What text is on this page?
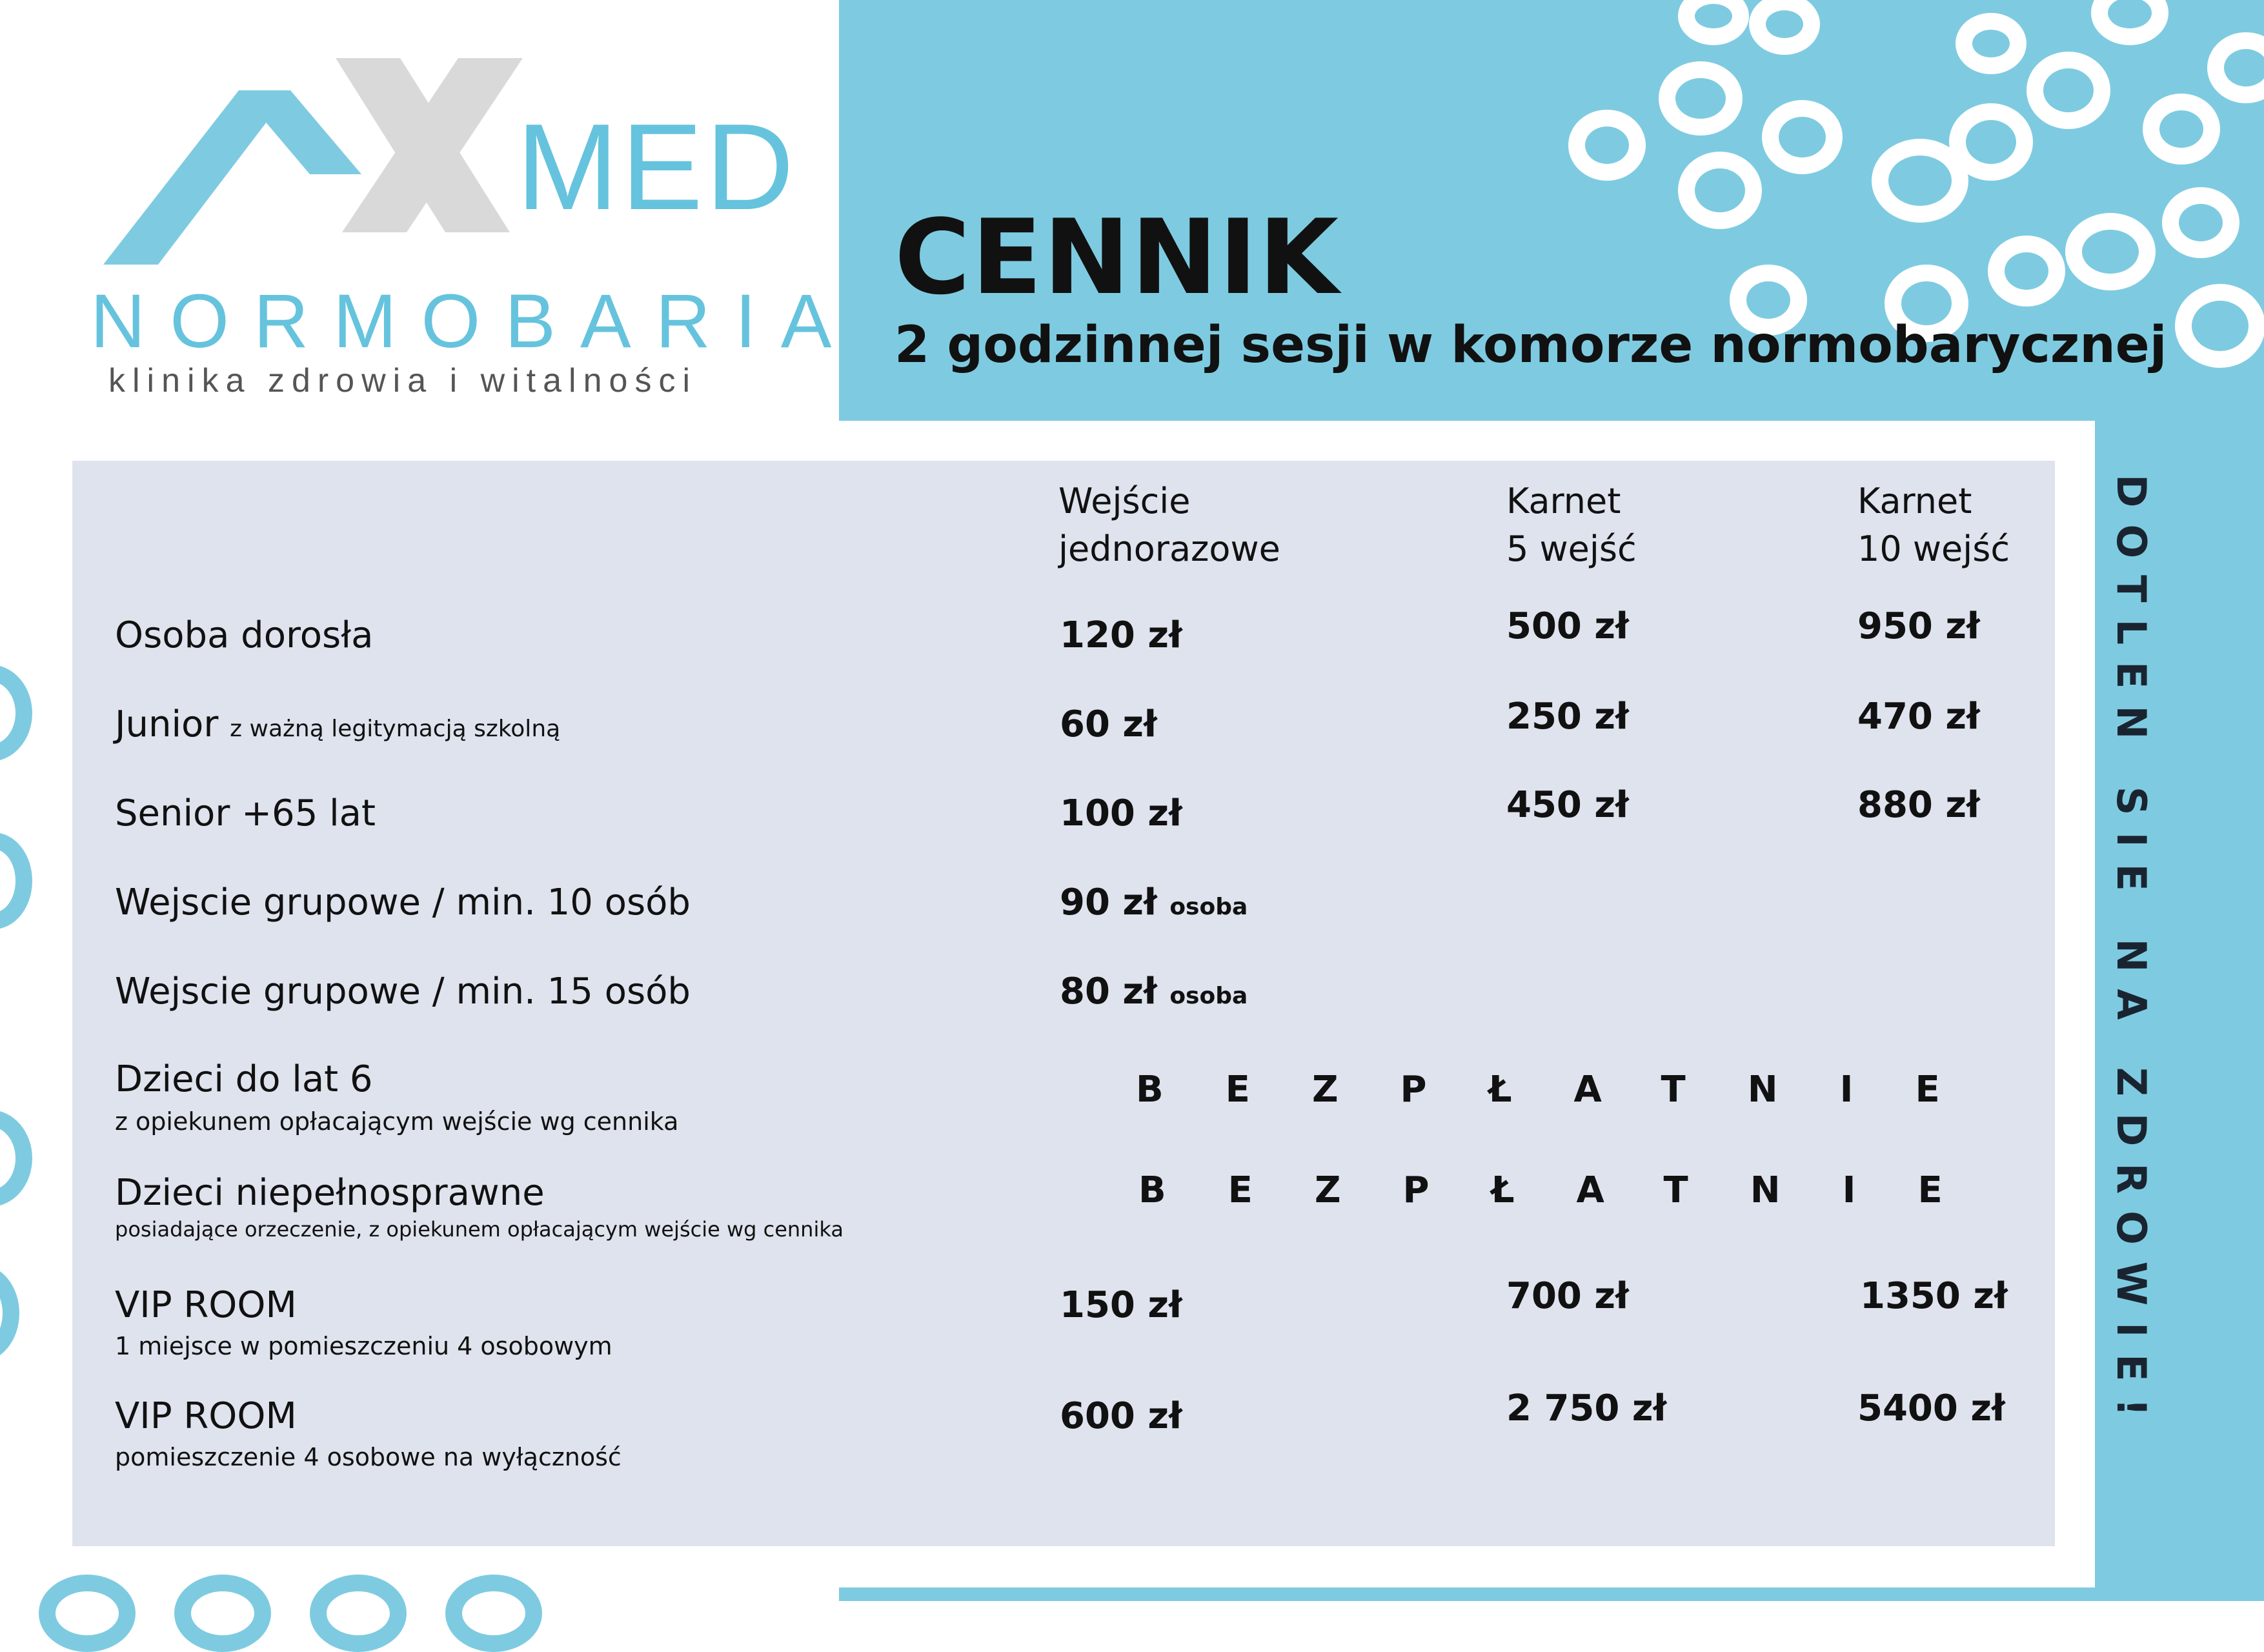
MED
NORMOBARIA
klinika zdrowia i witalności
CENNIK
2 godzinnej sesji w komorze normobarycznej
DOTLEN SIE NA ZDROWIE!
Wejście
jednorazowe
Karnet
5 wejść
Karnet
10 wejść
Osoba dorosła	120 zł	500 zł	950 zł
Junior z ważną legitymacją szkolną	60 zł	250 zł	470 zł
Senior +65 lat	100 zł	450 zł	880 zł
Wejscie grupowe / min. 10 osób	90 zł osoba
Wejscie grupowe / min. 15 osób	80 zł osoba
Dzieci do lat 6
z opiekunem opłacającym wejście wg cennika
BEZPŁATNIE
Dzieci niepełnosprawne
posiadające orzeczenie, z opiekunem opłacającym wejście wg cennika
BEZPŁATNIE
VIP ROOM
1 miejsce w pomieszczeniu 4 osobowym
150 zł	700 zł	1350 zł
VIP ROOM
pomieszczenie 4 osobowe na wyłączność
600 zł	2 750 zł	5400 zł
